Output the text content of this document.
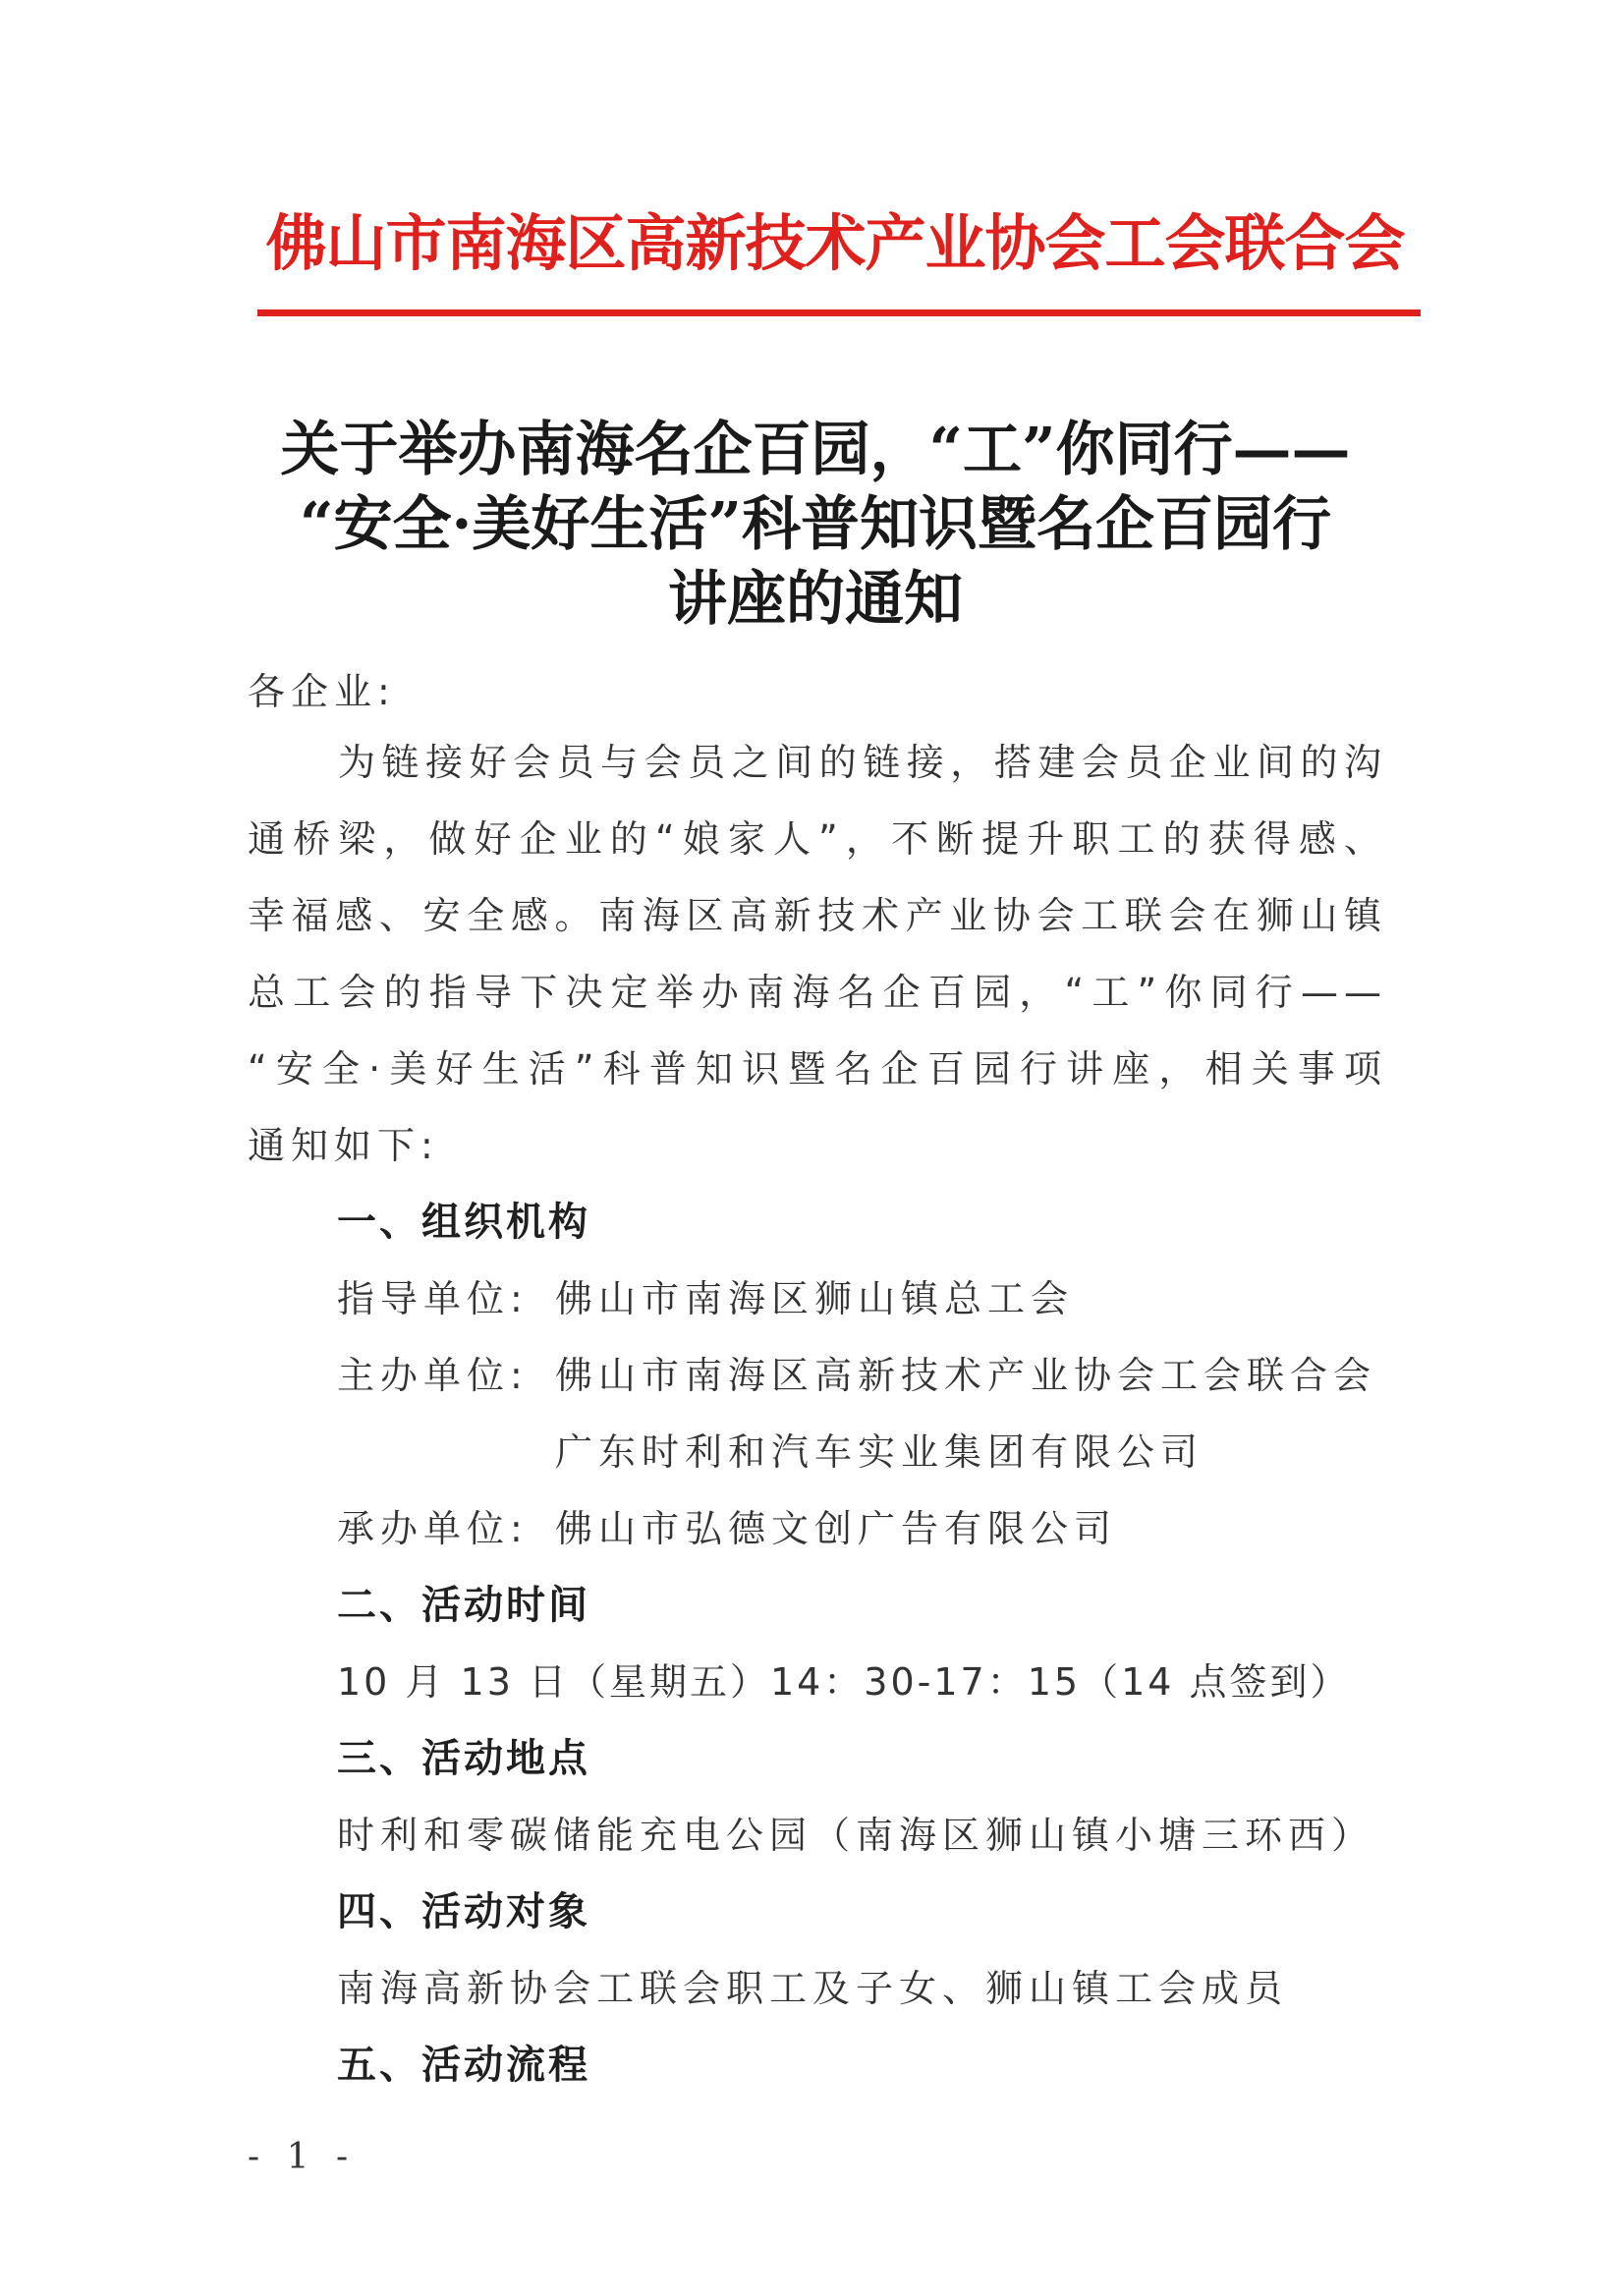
佛山市南海区高新技术产业协会工会联合会
关于举办南海名企百园，“工”你同行——
“安全·美好生活”科普知识暨名企百园行
讲座的通知
各企业:
为链接好会员与会员之间的链接，搭建会员企业间的沟
通桥梁，做好企业的“娘家人”，不断提升职工的获得感、
幸福感、安全感。南海区高新技术产业协会工联会在狮山镇
总工会的指导下决定举办南海名企百园，“工”你同行——
“安全·美好生活”科普知识暨名企百园行讲座，相关事项
通知如下:
一、组织机构
指导单位: 佛山市南海区狮山镇总工会
主办单位: 佛山市南海区高新技术产业协会工会联合会
广东时利和汽车实业集团有限公司
承办单位: 佛山市弘德文创广告有限公司
二、活动时间
10 月 13 日（星期五）14：30-17：15（14 点签到）
三、活动地点
时利和零碳储能充电公园（南海区狮山镇小塘三环西）
四、活动对象
南海高新协会工联会职工及子女、狮山镇工会成员
五、活动流程
- 1 -
